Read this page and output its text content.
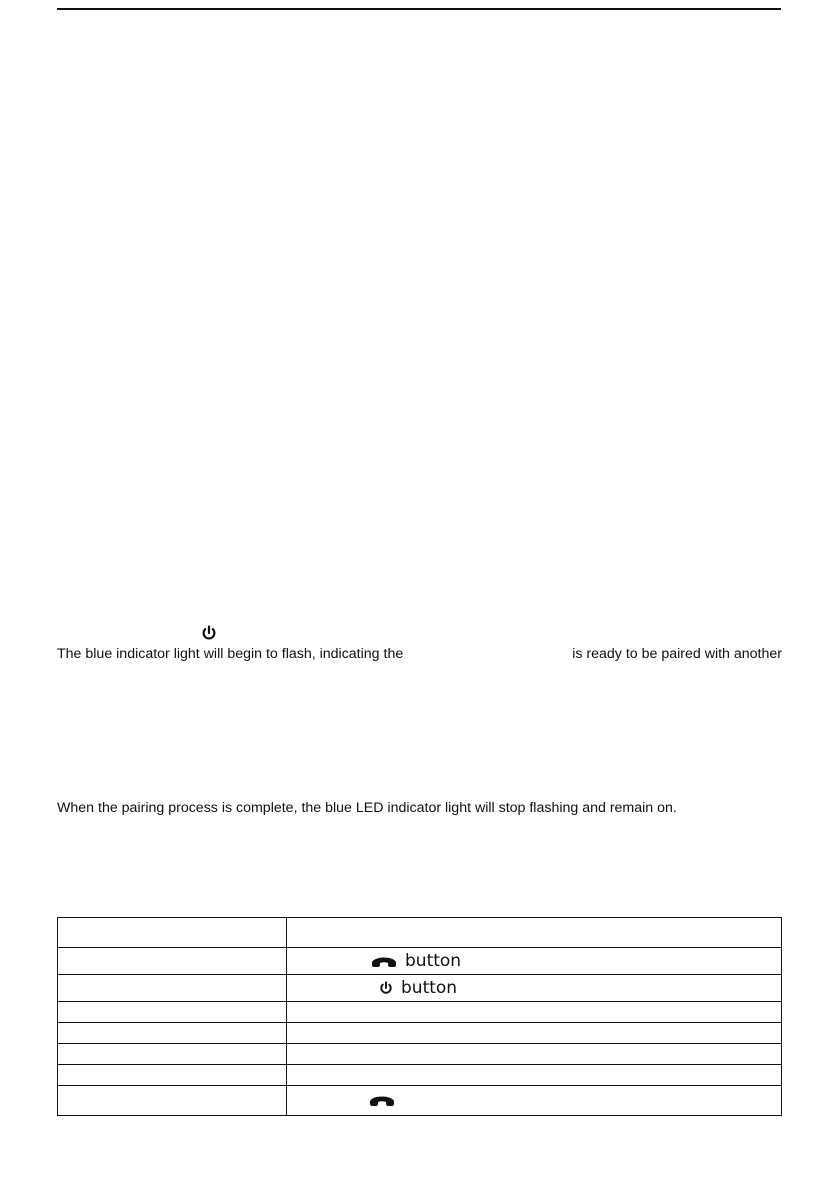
The blue indicator light will begin to flash, indicating the	is ready to be paired with another
When the pairing process is complete, the blue LED indicator light will stop flashing and remain on.

	button

	button
